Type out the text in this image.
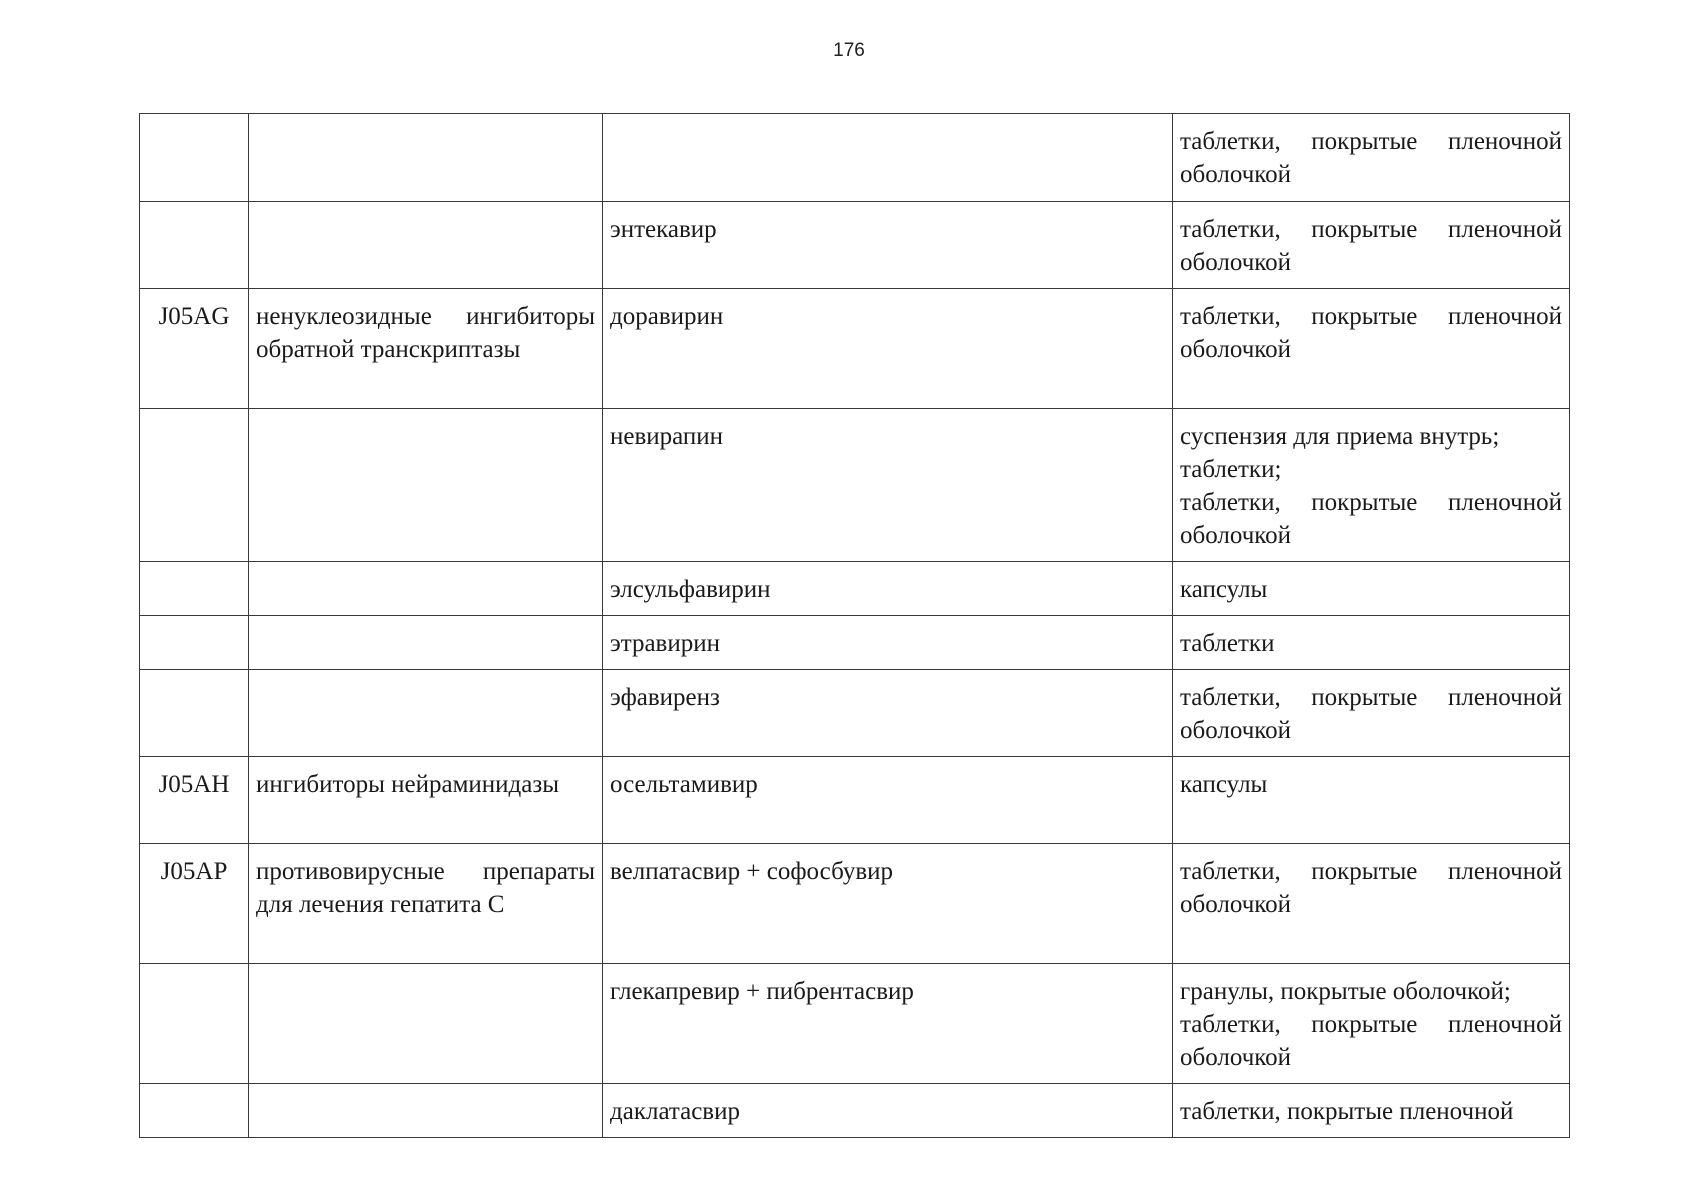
176

			таблетки, покрытые пленочной оболочкой

		энтекавир	таблетки, покрытые пленочной оболочкой

J05AG	ненуклеозидные ингибиторы обратной транскриптазы	доравирин	таблетки, покрытые пленочной оболочкой

		невирапин	суспензия для приема внутрь;
таблетки;
таблетки, покрытые пленочной оболочкой

		элсульфавирин	капсулы

		этравирин	таблетки

		эфавиренз	таблетки, покрытые пленочной оболочкой

J05AH	ингибиторы нейраминидазы	осельтамивир	капсулы

J05AP	противовирусные препараты для лечения гепатита С	велпатасвир + софосбувир	таблетки, покрытые пленочной оболочкой

		глекапревир + пибрентасвир	гранулы, покрытые оболочкой;
таблетки, покрытые пленочной оболочкой

		даклатасвир	таблетки, покрытые пленочной
